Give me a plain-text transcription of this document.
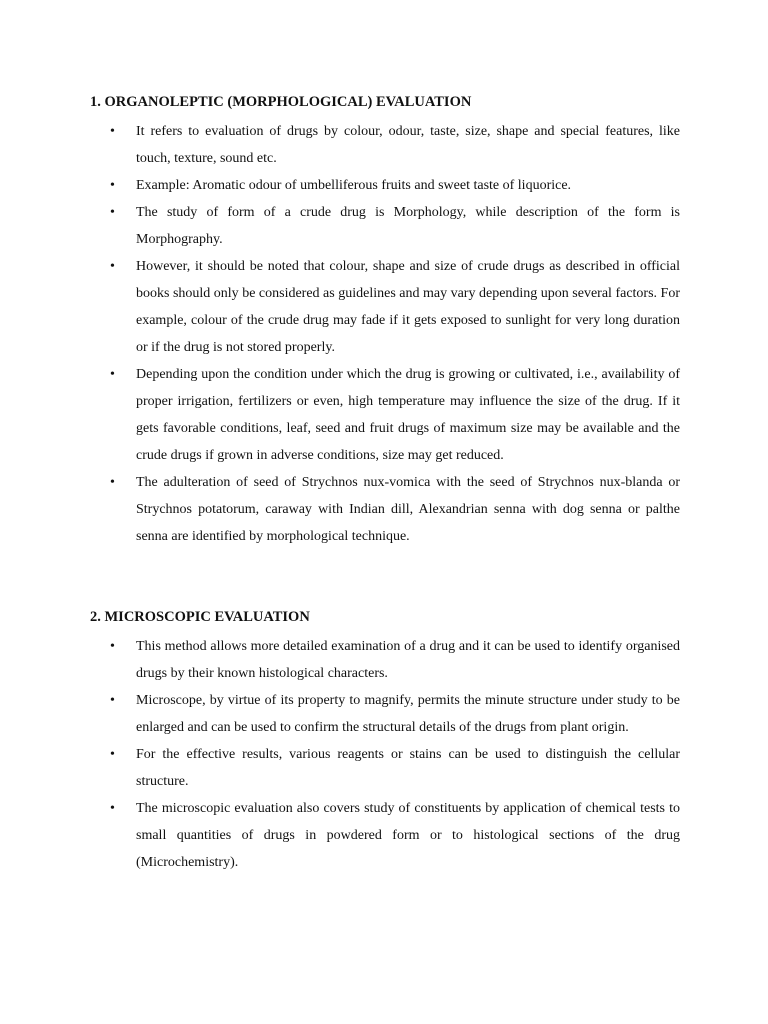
1. ORGANOLEPTIC (MORPHOLOGICAL) EVALUATION
•	It refers to evaluation of drugs by colour, odour, taste, size, shape and special features, like touch, texture, sound etc.
•	Example: Aromatic odour of umbelliferous fruits and sweet taste of liquorice.
•	The study of form of a crude drug is Morphology, while description of the form is Morphography.
•	However, it should be noted that colour, shape and size of crude drugs as described in official books should only be considered as guidelines and may vary depending upon several factors. For example, colour of the crude drug may fade if it gets exposed to sunlight for very long duration or if the drug is not stored properly.
•	Depending upon the condition under which the drug is growing or cultivated, i.e., availability of proper irrigation, fertilizers or even, high temperature may influence the size of the drug. If it gets favorable conditions, leaf, seed and fruit drugs of maximum size may be available and the crude drugs if grown in adverse conditions, size may get reduced.
•	The adulteration of seed of Strychnos nux-vomica with the seed of Strychnos nux-blanda or Strychnos potatorum, caraway with Indian dill, Alexandrian senna with dog senna or palthe senna are identified by morphological technique.
2. MICROSCOPIC EVALUATION
•	This method allows more detailed examination of a drug and it can be used to identify organised drugs by their known histological characters.
•	Microscope, by virtue of its property to magnify, permits the minute structure under study to be enlarged and can be used to confirm the structural details of the drugs from plant origin.
•	For the effective results, various reagents or stains can be used to distinguish the cellular structure.
•	The microscopic evaluation also covers study of constituents by application of chemical tests to small quantities of drugs in powdered form or to histological sections of the drug (Microchemistry).
